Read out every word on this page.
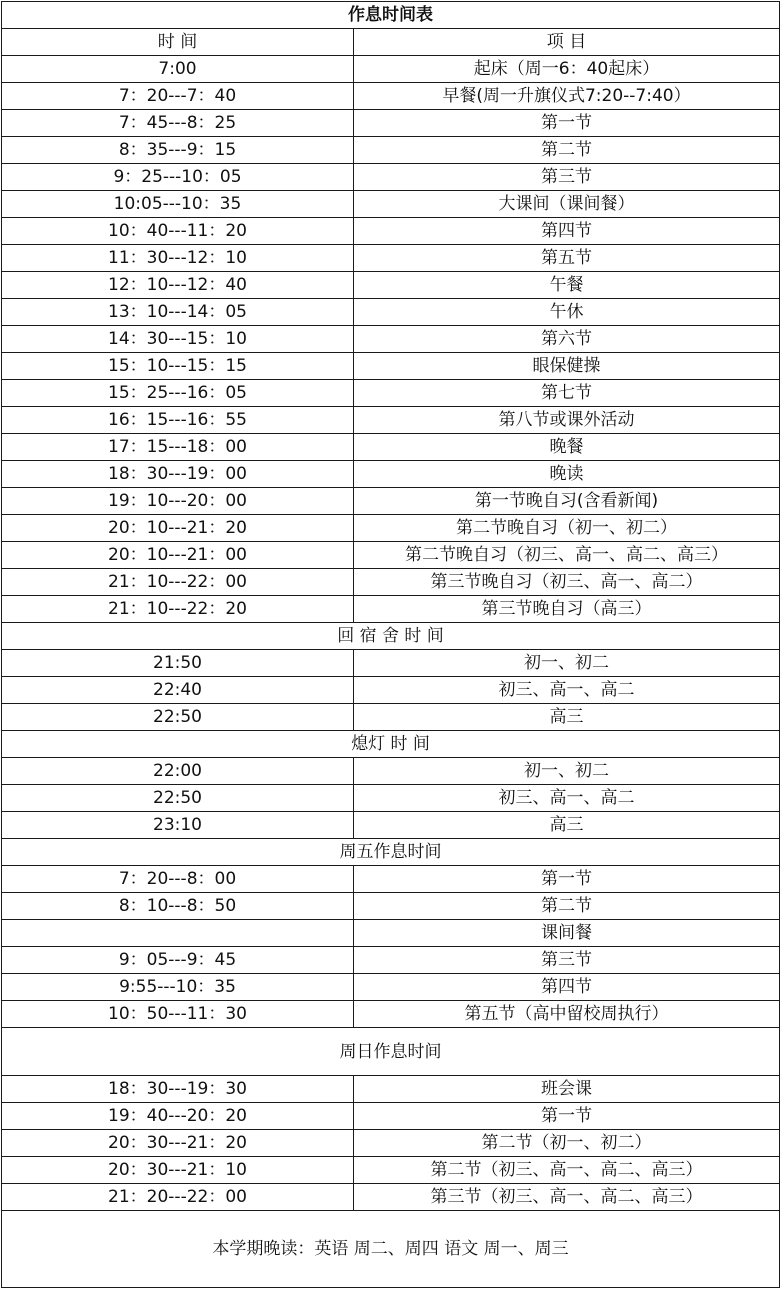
作息时间表	
时 间	项 目
7:00	起床（周一6：40起床）
7：20---7：40	早餐(周一升旗仪式7:20--7:40）
7：45---8：25	第一节
8：35---9：15	第二节
9：25---10：05	第三节
10:05---10：35	大课间（课间餐）
10：40---11：20	第四节
11：30---12：10	第五节
12：10---12：40	午餐
13：10---14：05	午休
14：30---15：10	第六节
15：10---15：15	眼保健操
15：25---16：05	第七节
16：15---16：55	第八节或课外活动
17：15---18：00	晚餐
18：30---19：00	晚读
19：10---20：00	第一节晚自习(含看新闻)
20：10---21：20	第二节晚自习（初一、初二）
20：10---21：00	第二节晚自习（初三、高一、高二、高三）
21：10---22：00	第三节晚自习（初三、高一、高二）
21：10---22：20	第三节晚自习（高三）
回 宿 舍 时 间	
21:50	初一、初二
22:40	初三、高一、高二
22:50	高三
熄灯 时 间	
22:00	初一、初二
22:50	初三、高一、高二
23:10	高三
周五作息时间	
7：20---8：00	第一节
8：10---8：50	第二节
	课间餐
9：05---9：45	第三节
9:55---10：35	第四节
10：50---11：30	第五节（高中留校周执行）
周日作息时间	
18：30---19：30	班会课
19：40---20：20	第一节
20：30---21：20	第二节（初一、初二）
20：30---21：10	第二节（初三、高一、高二、高三）
21：20---22：00	第三节（初三、高一、高二、高三）
本学期晚读：英语 周二、周四 语文 周一、周三	
